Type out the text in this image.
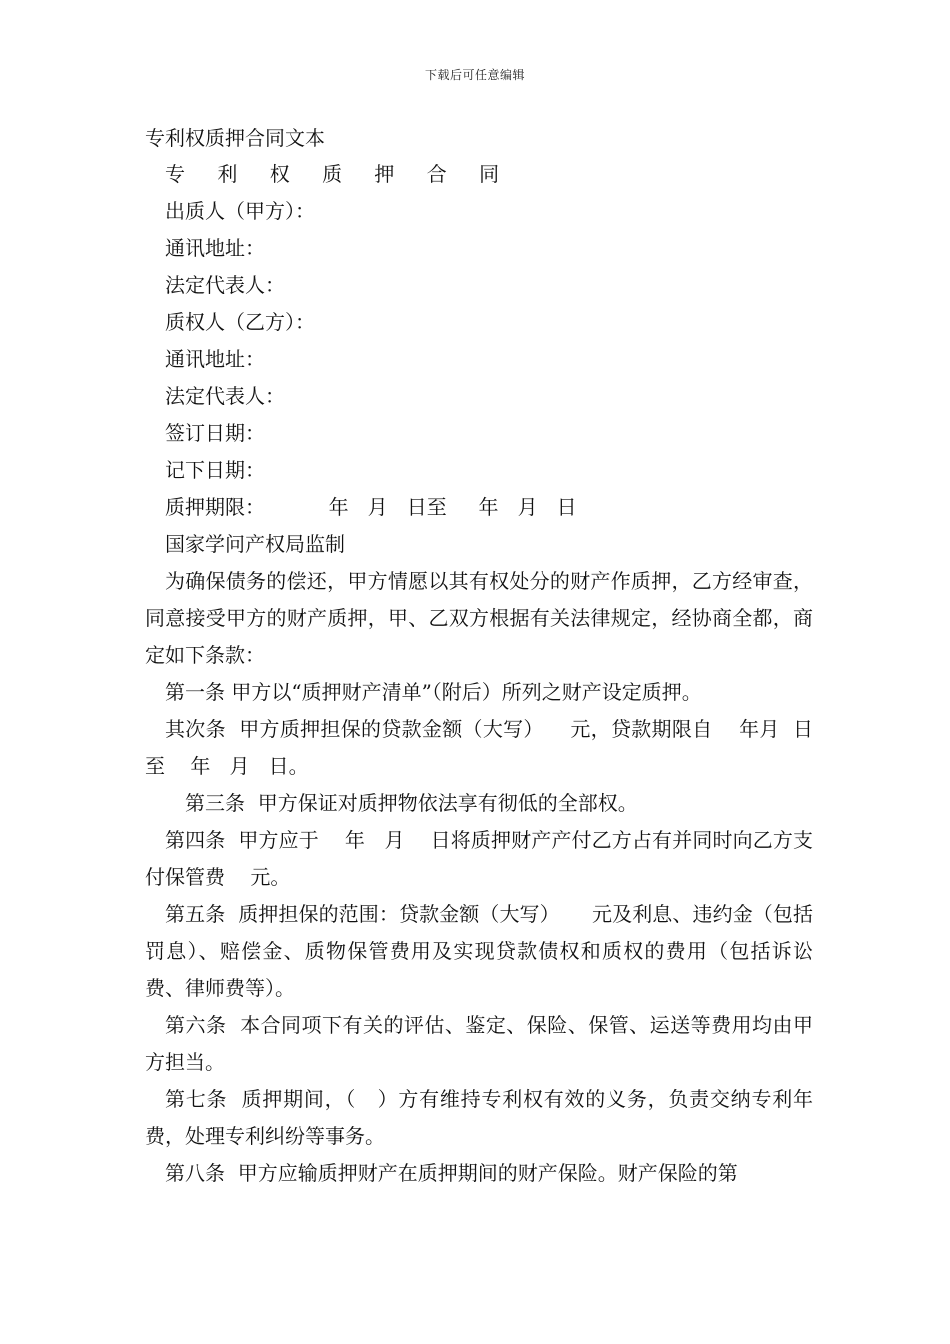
下载后可任意编辑
专利权质押合同文本
专 利 权 质 押 合 同
出质人（甲方）：
通讯地址：
法定代表人：
质权人（乙方）：
通讯地址：
法定代表人：
签订日期：
记下日期：
质押期限：          年   月   日至     年   月   日
国家学问产权局监制
为确保债务的偿还，甲方情愿以其有权处分的财产作质押，乙方经审查，同意接受甲方的财产质押，甲、乙双方根据有关法律规定，经协商全都，商定如下条款：
第一条 甲方以“质押财产清单”（附后）所列之财产设定质押。
其次条  甲方质押担保的贷款金额（大写）    元，贷款期限自    年月  日至    年   月   日。
第三条  甲方保证对质押物依法享有彻低的全部权。
第四条  甲方应于    年   月    日将质押财产产付乙方占有并同时向乙方支付保管费    元。
第五条  质押担保的范围：贷款金额（大写）     元及利息、违约金（包括罚息）、赔偿金、质物保管费用及实现贷款债权和质权的费用（包括诉讼费、律师费等）。
第六条  本合同项下有关的评估、鉴定、保险、保管、运送等费用均由甲方担当。
第七条  质押期间，（   ）方有维持专利权有效的义务，负责交纳专利年费，处理专利纠纷等事务。
第八条  甲方应输质押财产在质押期间的财产保险。财产保险的第
